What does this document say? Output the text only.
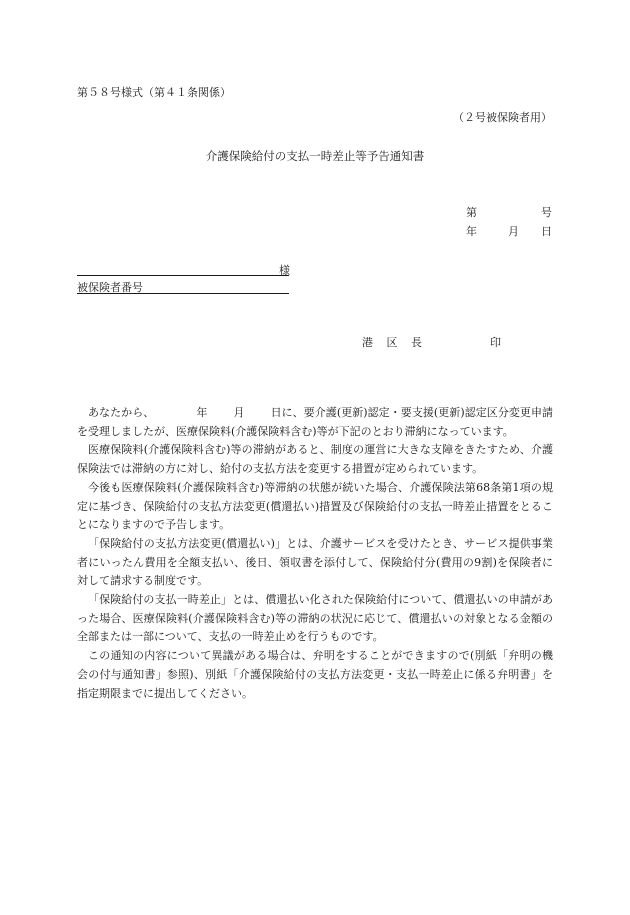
第５８号様式（第４１条関係）
（２号被保険者用）
介護保険給付の支払一時差止等予告通知書
第	号
年	月 日
様
被保険者番号
港 区 長	印

あなたから、	年 月 日に、要介護(更新)認定・要支援(更新)認定区分変更申請を受理しましたが、医療保険料(介護保険料含む)等が下記のとおり滞納になっています。

医療保険料(介護保険料含む)等の滞納があると、制度の運営に大きな支障をきたすため、介護保険法では滞納の方に対し、給付の支払方法を変更する措置が定められています。

今後も医療保険料(介護保険料含む)等滞納の状態が続いた場合、介護保険法第68条第1項の規定に基づき、保険給付の支払方法変更(償還払い)措置及び保険給付の支払一時差止措置をとることになりますので予告します。

「保険給付の支払方法変更(償還払い)」とは、介護サービスを受けたとき、サービス提供事業者にいったん費用を全額支払い、後日、領収書を添付して、保険給付分(費用の9割)を保険者に対して請求する制度です。

「保険給付の支払一時差止」とは、償還払い化された保険給付について、償還払いの申請があった場合、医療保険料(介護保険料含む)等の滞納の状況に応じて、償還払いの対象となる金額の全部または一部について、支払の一時差止めを行うものです。

この通知の内容について異議がある場合は、弁明をすることができますので(別紙「弁明の機会の付与通知書」参照)、別紙「介護保険給付の支払方法変更・支払一時差止に係る弁明書」を指定期限までに提出してください。
